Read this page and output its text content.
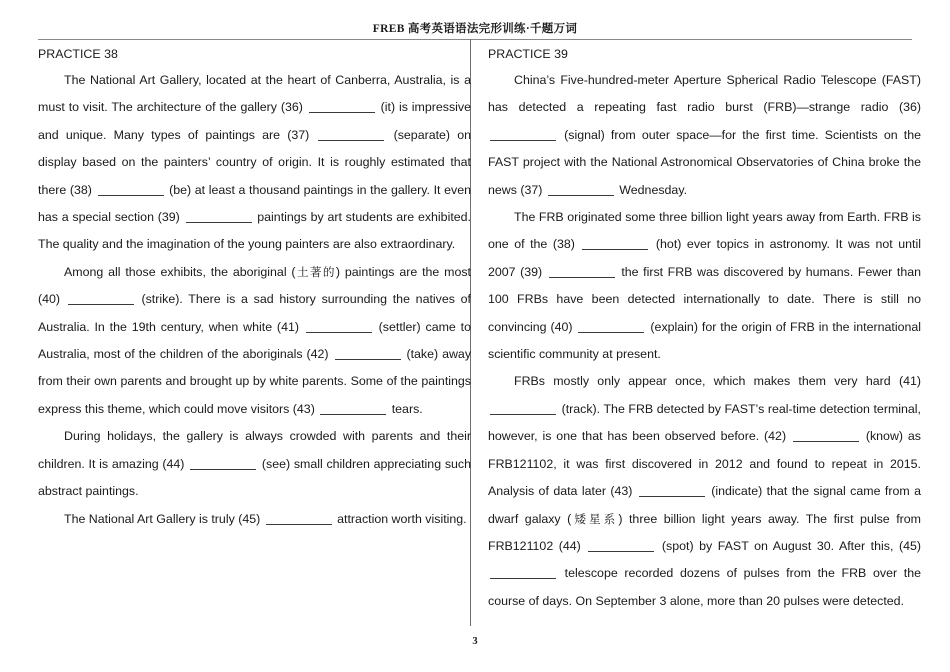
FREB 高考英语语法完形训练·千题万词
PRACTICE 38

The National Art Gallery, located at the heart of Canberra, Australia, is a must to visit. The architecture of the gallery (36)	(it) is impressive and unique. Many types of paintings are (37)	(separate) on display based on the painters’ country of origin. It is roughly estimated that there (38)	(be) at least a thousand paintings in the gallery. It even has a special section (39)	paintings by art students are exhibited. The quality and the imagination of the young painters are also extraordinary.

Among all those exhibits, the aboriginal (土著的) paintings are the most (40)	(strike). There is a sad history surrounding the natives of Australia. In the 19th century, when white (41)	(settler) came to Australia, most of the children of the aboriginals (42)	(take) away from their own parents and brought up by white parents. Some of the paintings express this theme, which could move visitors (43)	tears.

During holidays, the gallery is always crowded with parents and their children. It is amazing (44)	(see) small children appreciating such abstract paintings.

The National Art Gallery is truly (45)	attraction worth visiting.

PRACTICE 39

China’s Five-hundred-meter Aperture Spherical Radio Telescope (FAST) has detected a repeating fast radio burst (FRB)—strange radio (36)  (signal) from outer space—for the first time. Scientists on the FAST project with the National Astronomical Observatories of China broke the news (37)	Wednesday.

The FRB originated some three billion light years away from Earth. FRB is one of the (38)	(hot) ever topics in astronomy. It was not until 2007 (39)	the first FRB was discovered by humans. Fewer than 100 FRBs have been detected internationally to date. There is still no convincing (40)	(explain) for the origin of FRB in the international scientific community at present.

FRBs mostly only appear once, which makes them very hard (41)  (track). The FRB detected by FAST’s real-time detection terminal, however, is one that has been observed before. (42)	(know) as FRB121102, it was first discovered in 2012 and found to repeat in 2015. Analysis of data later (43)	(indicate) that the signal came from a dwarf galaxy (矮星系) three billion light years away. The first pulse from FRB121102 (44)	(spot) by FAST on August 30. After this, (45)  telescope recorded dozens of pulses from the FRB over the course of days. On September 3 alone, more than 20 pulses were detected.

3
